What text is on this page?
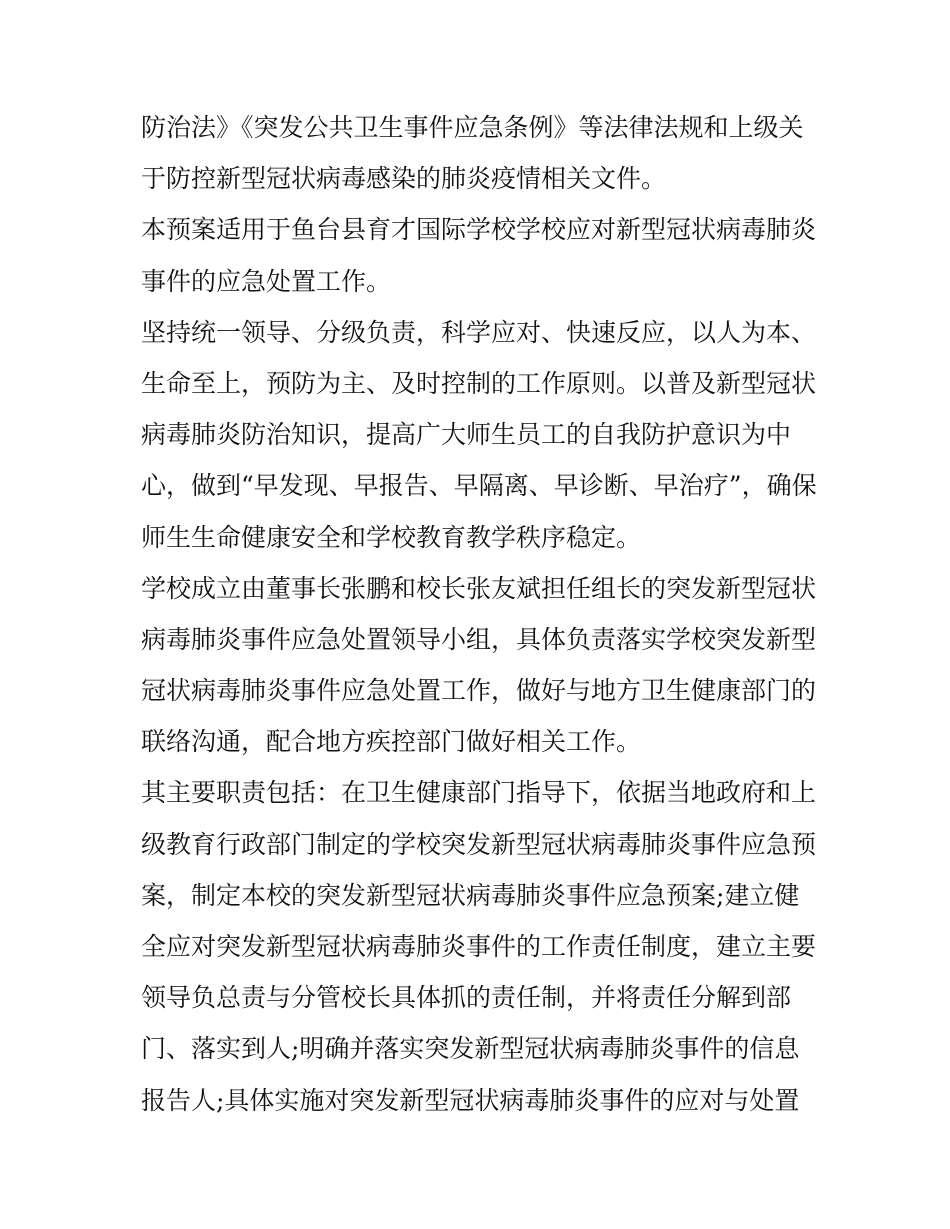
防治法》《突发公共卫生事件应急条例》等法律法规和上级关
于防控新型冠状病毒感染的肺炎疫情相关文件。
本预案适用于鱼台县育才国际学校学校应对新型冠状病毒肺炎
事件的应急处置工作。
坚持统一领导、分级负责，科学应对、快速反应，以人为本、
生命至上，预防为主、及时控制的工作原则。以普及新型冠状
病毒肺炎防治知识，提高广大师生员工的自我防护意识为中
心，做到“早发现、早报告、早隔离、早诊断、早治疗”，确保
师生生命健康安全和学校教育教学秩序稳定。
学校成立由董事长张鹏和校长张友斌担任组长的突发新型冠状
病毒肺炎事件应急处置领导小组，具体负责落实学校突发新型
冠状病毒肺炎事件应急处置工作，做好与地方卫生健康部门的
联络沟通，配合地方疾控部门做好相关工作。
其主要职责包括：在卫生健康部门指导下，依据当地政府和上
级教育行政部门制定的学校突发新型冠状病毒肺炎事件应急预
案，制定本校的突发新型冠状病毒肺炎事件应急预案;建立健
全应对突发新型冠状病毒肺炎事件的工作责任制度，建立主要
领导负总责与分管校长具体抓的责任制，并将责任分解到部
门、落实到人;明确并落实突发新型冠状病毒肺炎事件的信息
报告人;具体实施对突发新型冠状病毒肺炎事件的应对与处置
